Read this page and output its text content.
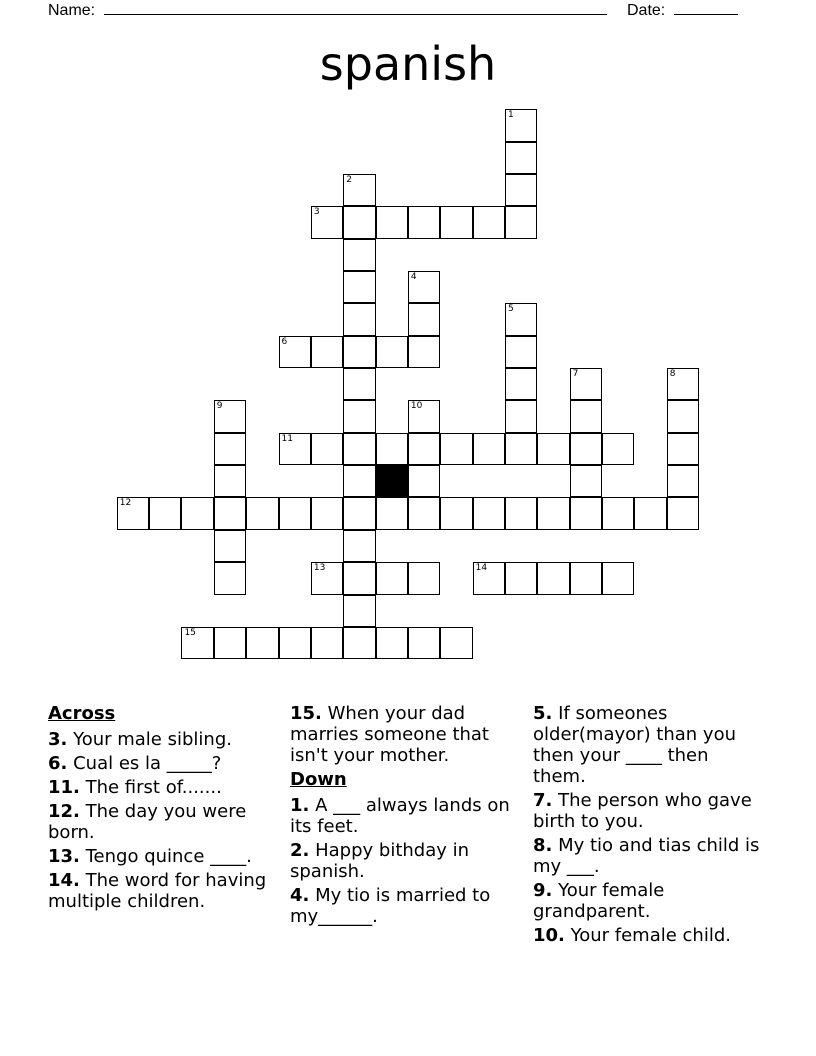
Name:	Date:
spanish
1
2
3
4
5
6
7	8
9	10
11
12
13	14
15
Across
3. Your male sibling.
6. Cual es la _____?
11. The first of.......
12. The day you were born.
13. Tengo quince ____.
14. The word for having multiple children.
15. When your dad marries someone that isn't your mother.
Down
1. A ___ always lands on its feet.
2. Happy bithday in spanish.
4. My tio is married to my______.
5. If someones older(mayor) than you then your ____ then them.
7. The person who gave birth to you.
8. My tio and tias child is my ___.
9. Your female grandparent.
10. Your female child.
